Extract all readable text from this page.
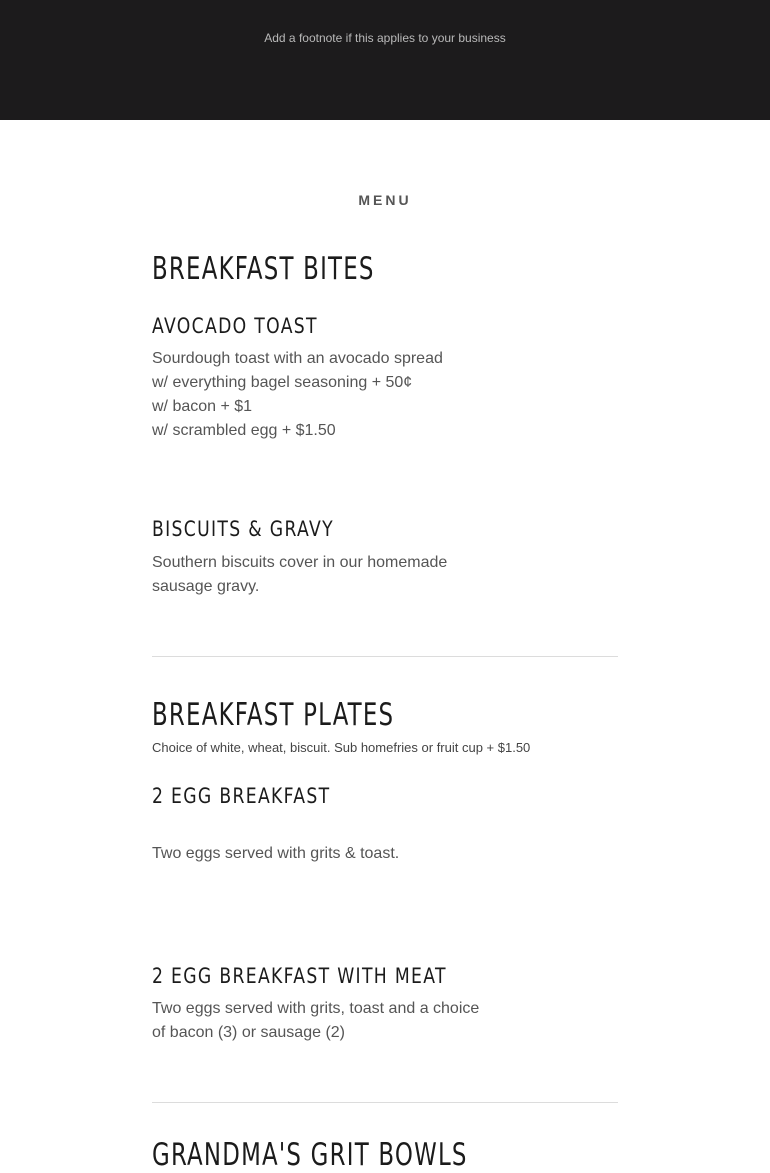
Add a footnote if this applies to your business
MENU
BREAKFAST BITES
AVOCADO TOAST
Sourdough toast with an avocado spread
w/ everything bagel seasoning + 50¢
w/ bacon + $1
w/ scrambled egg + $1.50
BISCUITS & GRAVY
Southern biscuits cover in our homemade
sausage gravy.
BREAKFAST PLATES
Choice of white, wheat, biscuit. Sub homefries or fruit cup + $1.50
2 EGG BREAKFAST
Two eggs served with grits & toast.
2 EGG BREAKFAST WITH MEAT
Two eggs served with grits, toast and a choice
of bacon (3) or sausage (2)
GRANDMA'S GRIT BOWLS
